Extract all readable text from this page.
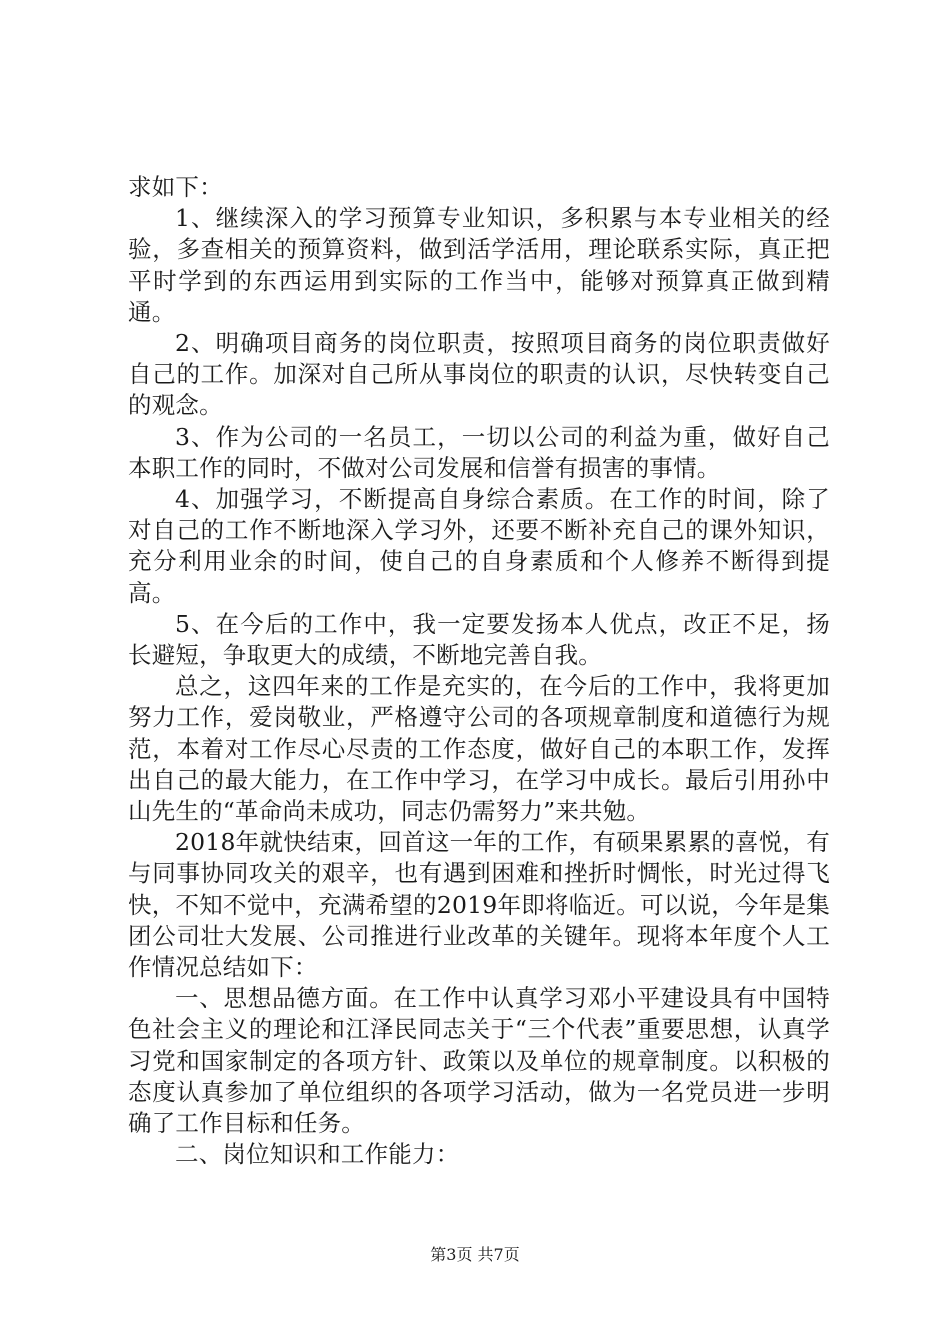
求如下：

1、继续深入的学习预算专业知识，多积累与本专业相关的经验，多查相关的预算资料，做到活学活用，理论联系实际，真正把平时学到的东西运用到实际的工作当中，能够对预算真正做到精通。

2、明确项目商务的岗位职责，按照项目商务的岗位职责做好自己的工作。加深对自己所从事岗位的职责的认识，尽快转变自己的观念。

3、作为公司的一名员工，一切以公司的利益为重，做好自己本职工作的同时，不做对公司发展和信誉有损害的事情。

4、加强学习，不断提高自身综合素质。在工作的时间，除了对自己的工作不断地深入学习外，还要不断补充自己的课外知识，充分利用业余的时间，使自己的自身素质和个人修养不断得到提高。

5、在今后的工作中，我一定要发扬本人优点，改正不足，扬长避短，争取更大的成绩，不断地完善自我。

总之，这四年来的工作是充实的，在今后的工作中，我将更加努力工作，爱岗敬业，严格遵守公司的各项规章制度和道德行为规范，本着对工作尽心尽责的工作态度，做好自己的本职工作，发挥出自己的最大能力，在工作中学习，在学习中成长。最后引用孙中山先生的“革命尚未成功，同志仍需努力”来共勉。

2018年就快结束，回首这一年的工作，有硕果累累的喜悦，有与同事协同攻关的艰辛，也有遇到困难和挫折时惆怅，时光过得飞快，不知不觉中，充满希望的2019年即将临近。可以说，今年是集团公司壮大发展、公司推进行业改革的关键年。现将本年度个人工作情况总结如下：

一、思想品德方面。在工作中认真学习邓小平建设具有中国特色社会主义的理论和江泽民同志关于“三个代表”重要思想，认真学习党和国家制定的各项方针、政策以及单位的规章制度。以积极的态度认真参加了单位组织的各项学习活动，做为一名党员进一步明确了工作目标和任务。

二、岗位知识和工作能力：

第3页 共7页
